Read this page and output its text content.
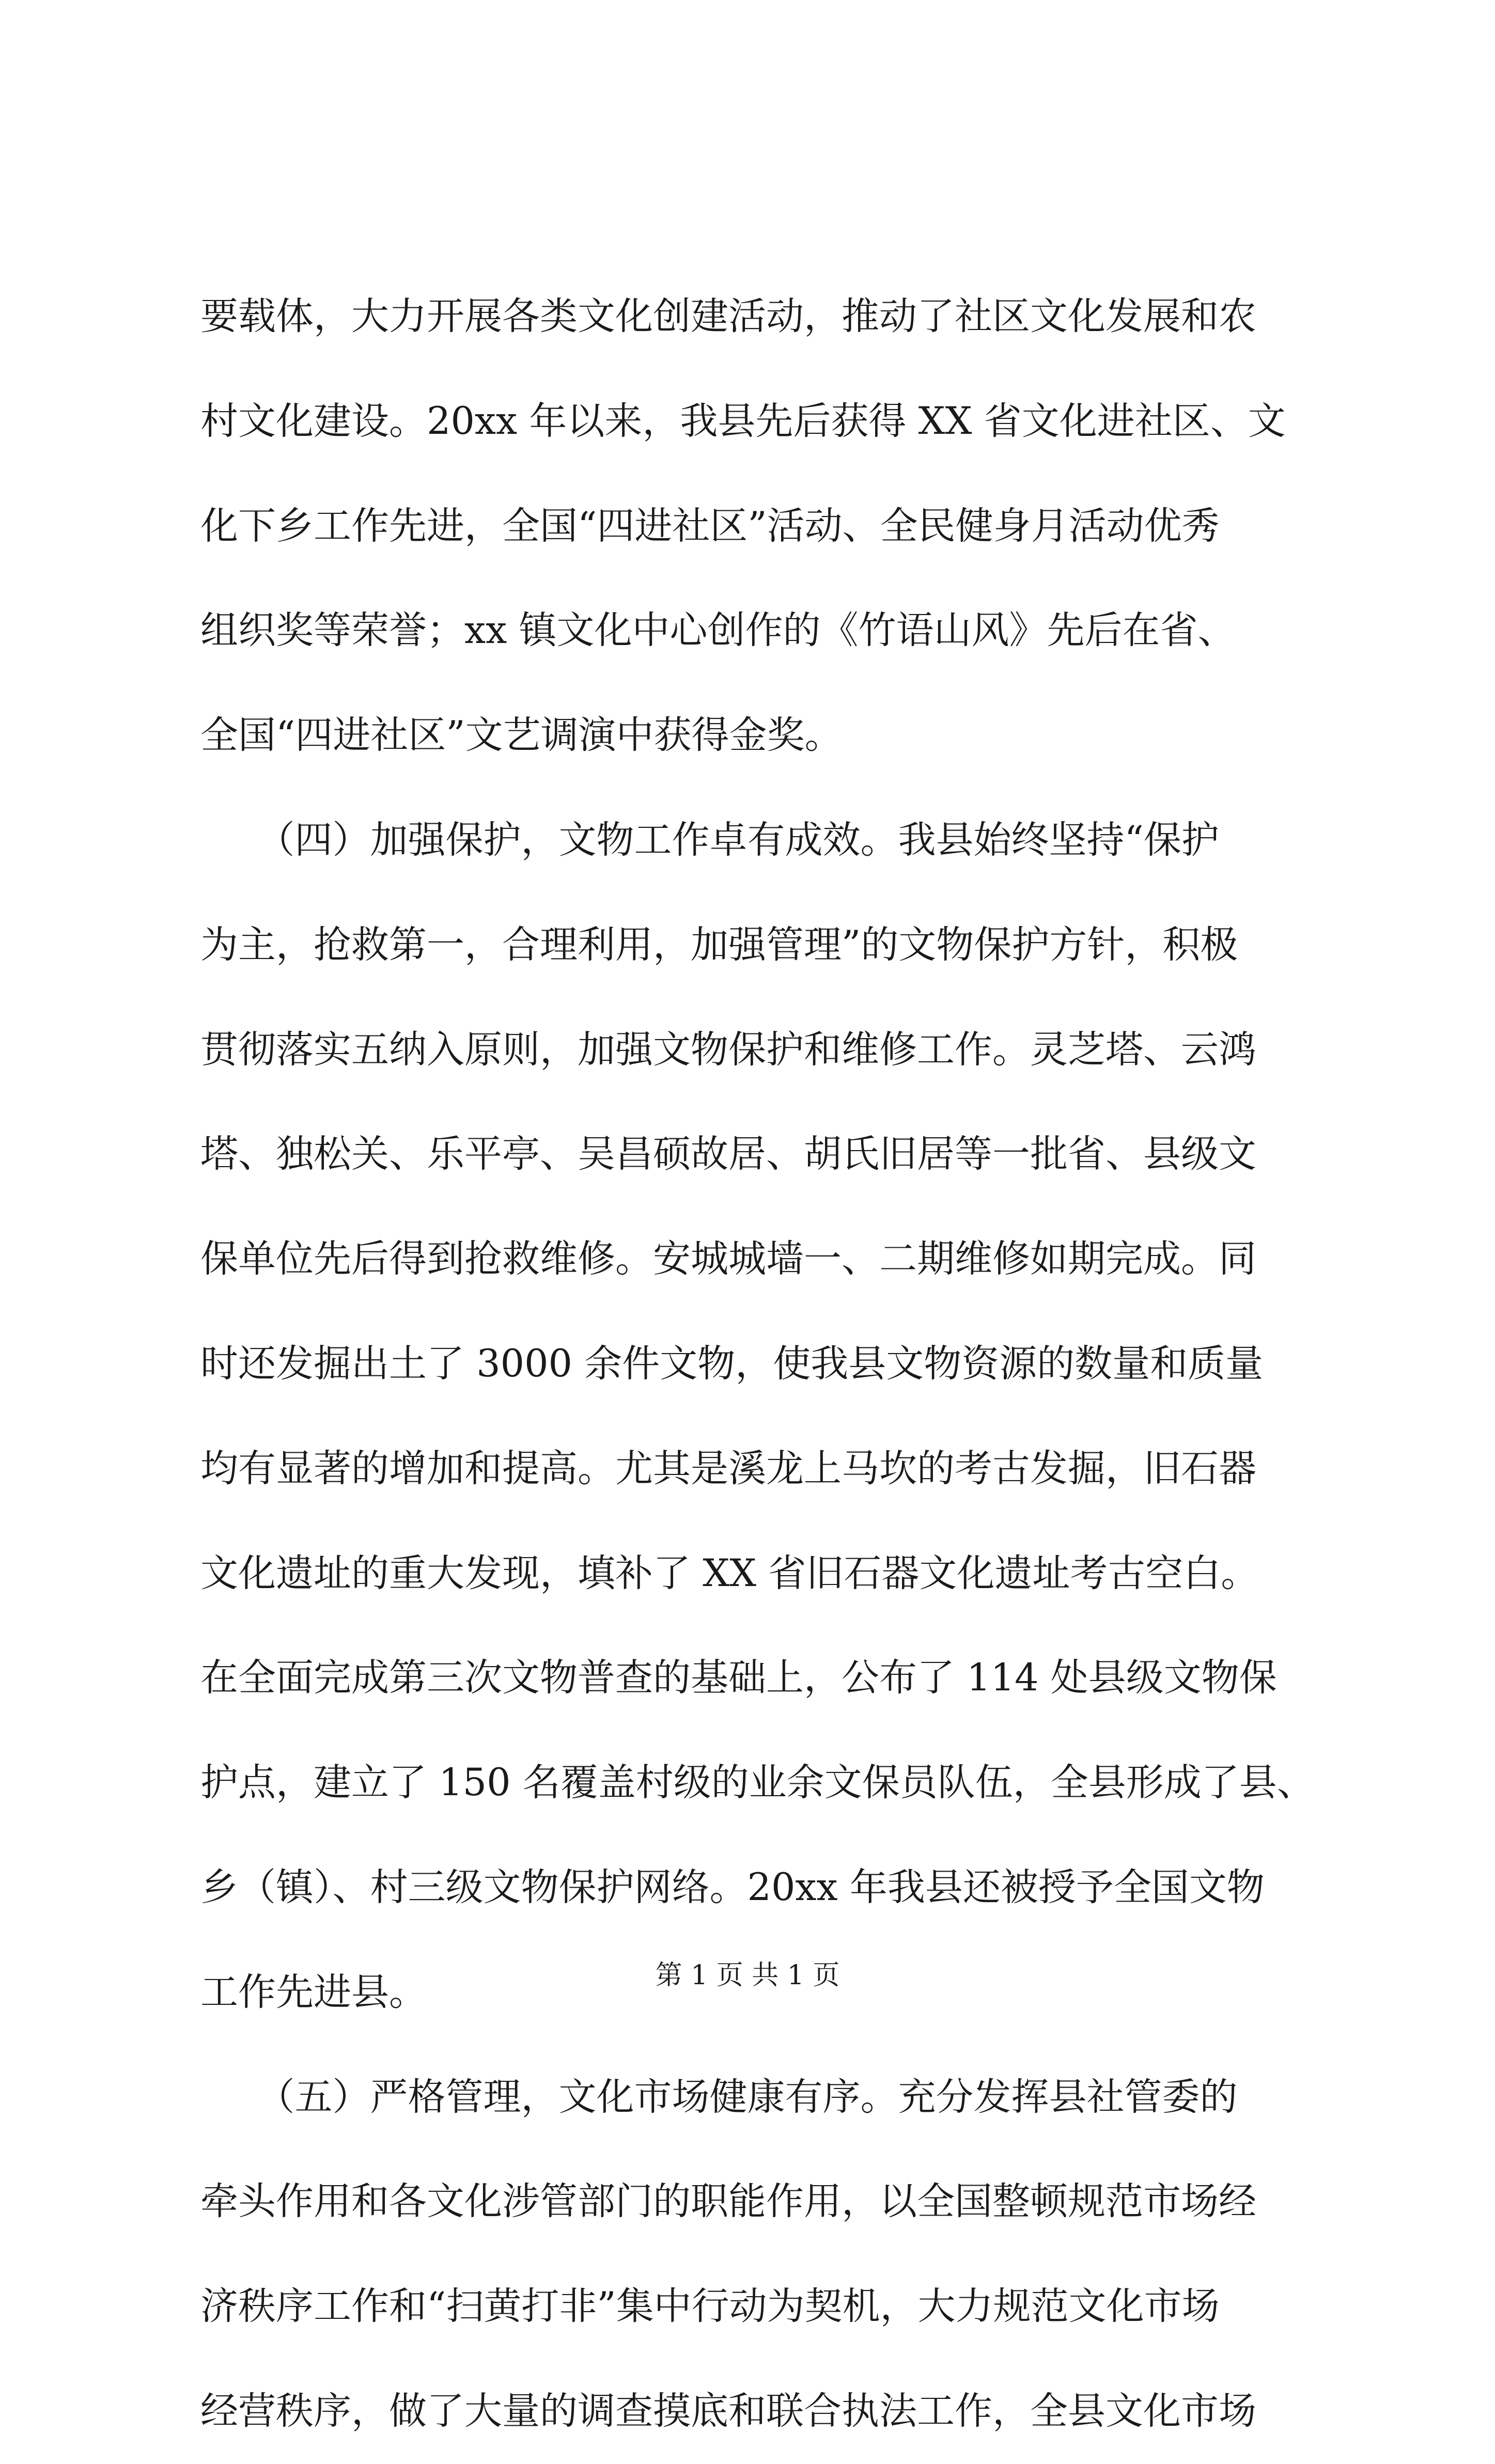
要载体，大力开展各类文化创建活动，推动了社区文化发展和农
村文化建设。20xx 年以来，我县先后获得 XX 省文化进社区、文
化下乡工作先进，全国“四进社区”活动、全民健身月活动优秀
组织奖等荣誉；xx 镇文化中心创作的《竹语山风》先后在省、
全国“四进社区”文艺调演中获得金奖。
　　（四）加强保护，文物工作卓有成效。我县始终坚持“保护
为主，抢救第一，合理利用，加强管理”的文物保护方针，积极
贯彻落实五纳入原则，加强文物保护和维修工作。灵芝塔、云鸿
塔、独松关、乐平亭、吴昌硕故居、胡氏旧居等一批省、县级文
保单位先后得到抢救维修。安城城墙一、二期维修如期完成。同
时还发掘出土了 3000 余件文物，使我县文物资源的数量和质量
均有显著的增加和提高。尤其是溪龙上马坎的考古发掘，旧石器
文化遗址的重大发现，填补了 XX 省旧石器文化遗址考古空白。
在全面完成第三次文物普查的基础上，公布了 114 处县级文物保
护点，建立了 150 名覆盖村级的业余文保员队伍，全县形成了县、
乡（镇）、村三级文物保护网络。20xx 年我县还被授予全国文物
工作先进县。
　　（五）严格管理，文化市场健康有序。充分发挥县社管委的
牵头作用和各文化涉管部门的职能作用，以全国整顿规范市场经
济秩序工作和“扫黄打非”集中行动为契机，大力规范文化市场
经营秩序，做了大量的调查摸底和联合执法工作，全县文化市场
第 1 页 共 1 页
